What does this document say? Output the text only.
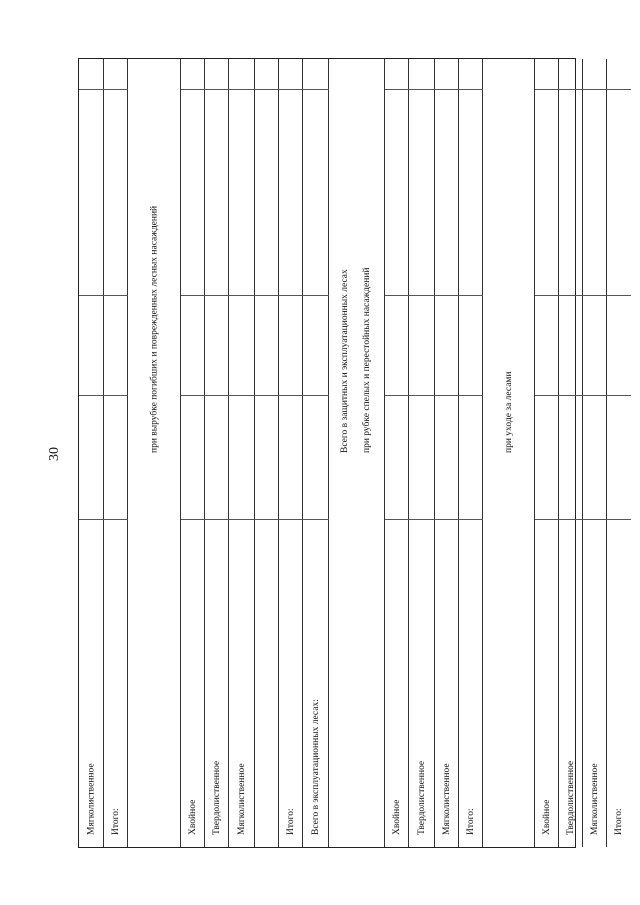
30
Мягколиственное Итого:
при вырубке погибших и поврежденных лесных насаждений
Хвойное Твердолиственное Мягколиственное	Итого: Всего в эксплуатационных лесах:
Всего в защитных и эксплуатационных лесах при рубке спелых и перестойных насаждений
Хвойное Твердолиственное Мягколиственное Итого:
при уходе за лесами
Хвойное Твердолиственное Мягколиственное Итого:
